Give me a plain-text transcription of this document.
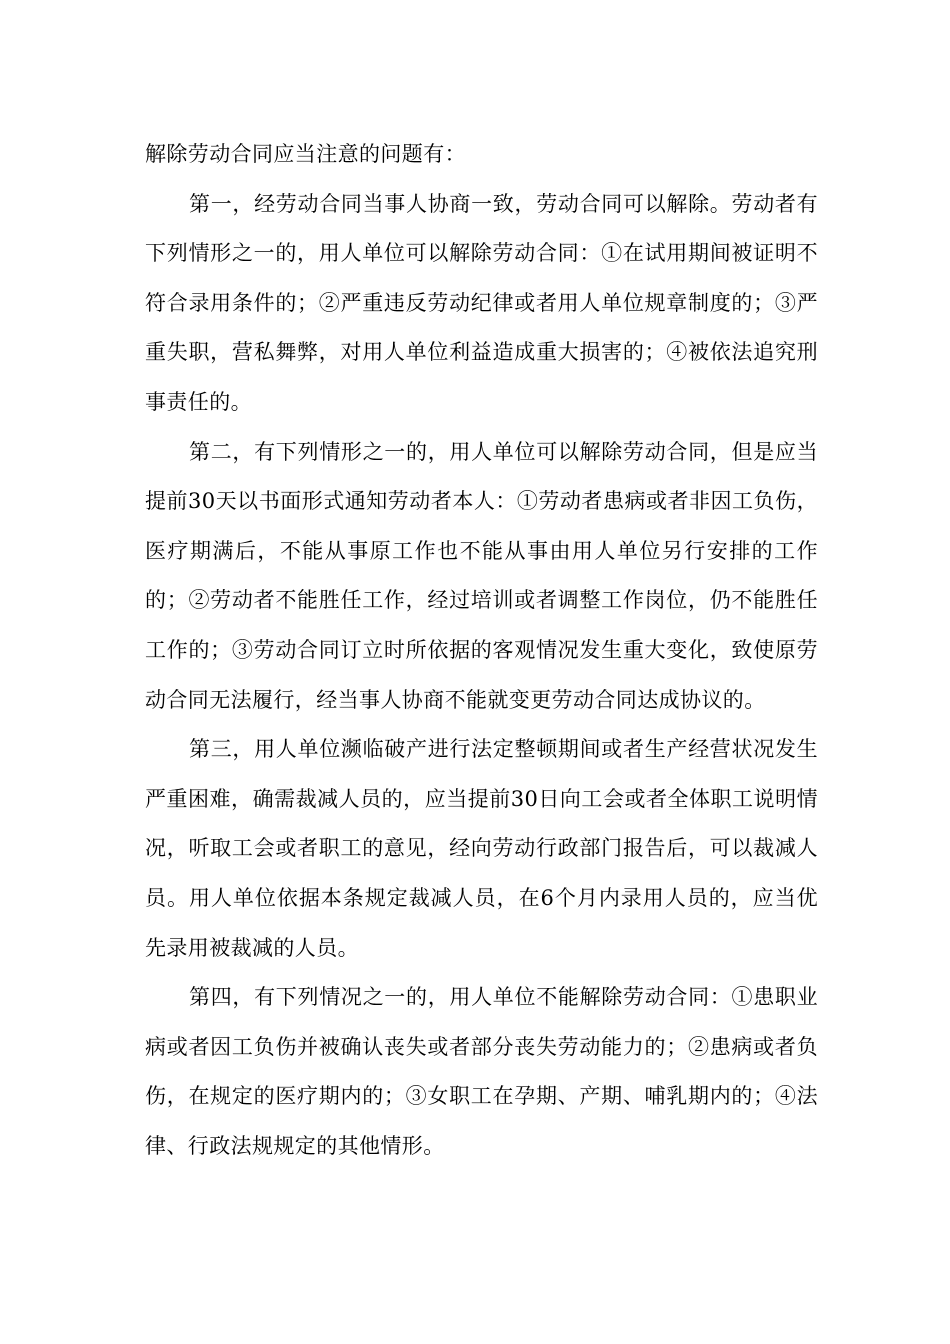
解除劳动合同应当注意的问题有：

第一，经劳动合同当事人协商一致，劳动合同可以解除。劳动者有下列情形之一的，用人单位可以解除劳动合同：①在试用期间被证明不符合录用条件的；②严重违反劳动纪律或者用人单位规章制度的；③严重失职，营私舞弊，对用人单位利益造成重大损害的；④被依法追究刑事责任的。

第二，有下列情形之一的，用人单位可以解除劳动合同，但是应当提前30天以书面形式通知劳动者本人：①劳动者患病或者非因工负伤，医疗期满后，不能从事原工作也不能从事由用人单位另行安排的工作的；②劳动者不能胜任工作，经过培训或者调整工作岗位，仍不能胜任工作的；③劳动合同订立时所依据的客观情况发生重大变化，致使原劳动合同无法履行，经当事人协商不能就变更劳动合同达成协议的。

第三，用人单位濒临破产进行法定整顿期间或者生产经营状况发生严重困难，确需裁减人员的，应当提前30日向工会或者全体职工说明情况，听取工会或者职工的意见，经向劳动行政部门报告后，可以裁减人员。用人单位依据本条规定裁减人员，在6个月内录用人员的，应当优先录用被裁减的人员。

第四，有下列情况之一的，用人单位不能解除劳动合同：①患职业病或者因工负伤并被确认丧失或者部分丧失劳动能力的；②患病或者负伤，在规定的医疗期内的；③女职工在孕期、产期、哺乳期内的；④法律、行政法规规定的其他情形。
